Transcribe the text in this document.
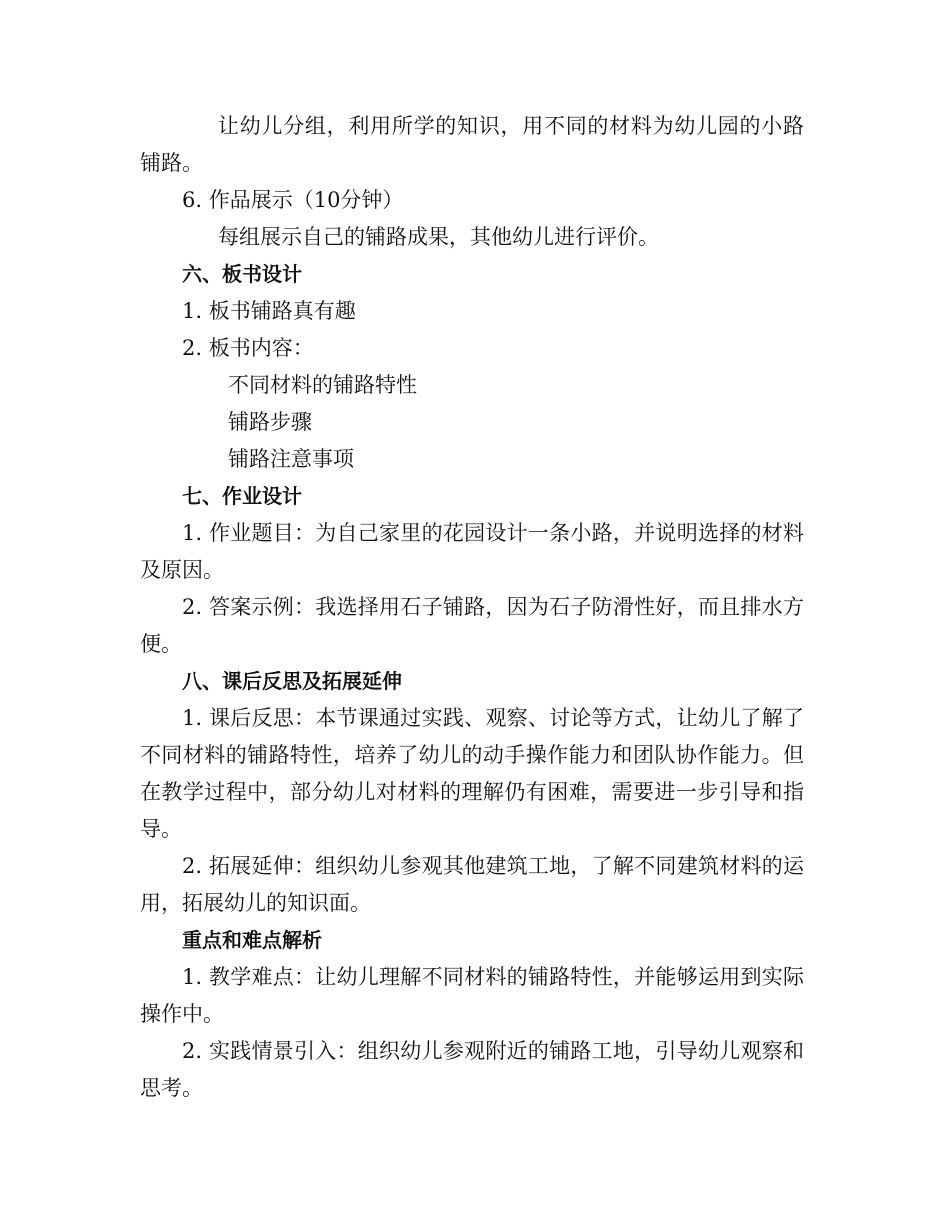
让幼儿分组，利用所学的知识，用不同的材料为幼儿园的小路铺路。

6. 作品展示（10分钟）

每组展示自己的铺路成果，其他幼儿进行评价。

六、板书设计

1. 板书铺路真有趣

2. 板书内容：

不同材料的铺路特性

铺路步骤

铺路注意事项

七、作业设计

1. 作业题目：为自己家里的花园设计一条小路，并说明选择的材料及原因。

2. 答案示例：我选择用石子铺路，因为石子防滑性好，而且排水方便。

八、课后反思及拓展延伸

1. 课后反思：本节课通过实践、观察、讨论等方式，让幼儿了解了不同材料的铺路特性，培养了幼儿的动手操作能力和团队协作能力。但在教学过程中，部分幼儿对材料的理解仍有困难，需要进一步引导和指导。

2. 拓展延伸：组织幼儿参观其他建筑工地，了解不同建筑材料的运用，拓展幼儿的知识面。

重点和难点解析

1. 教学难点：让幼儿理解不同材料的铺路特性，并能够运用到实际操作中。

2. 实践情景引入：组织幼儿参观附近的铺路工地，引导幼儿观察和思考。
